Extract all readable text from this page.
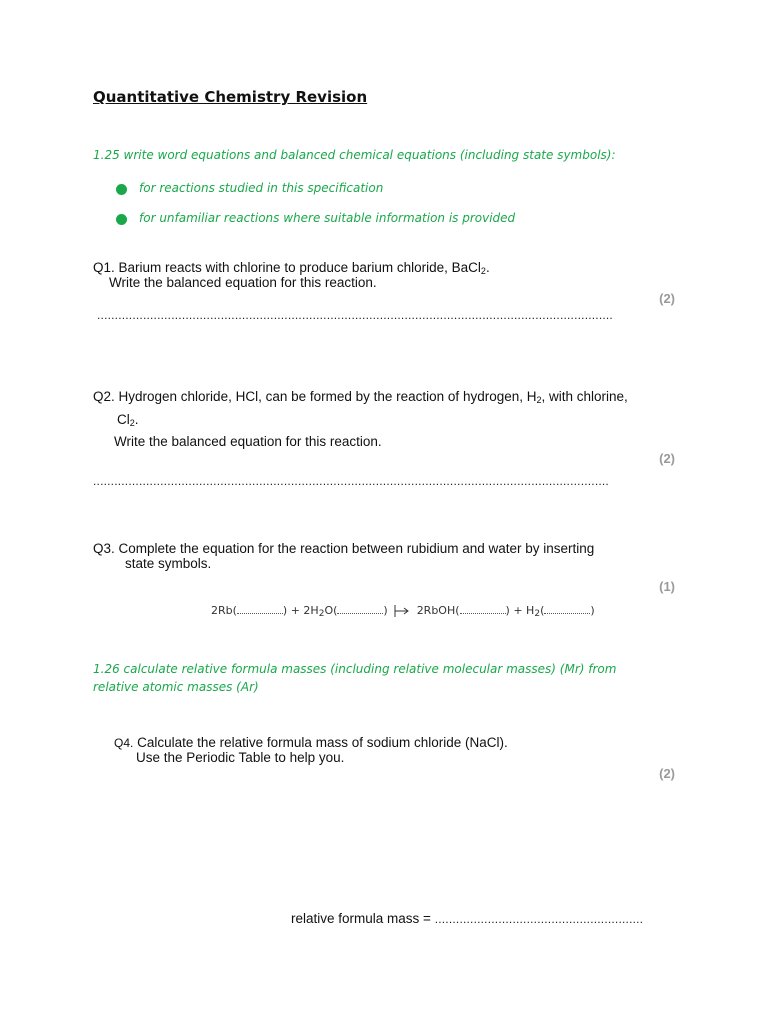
Quantitative Chemistry Revision
1.25 write word equations and balanced chemical equations (including state symbols):
for reactions studied in this specification
for unfamiliar reactions where suitable information is provided
Q1. Barium reacts with chlorine to produce barium chloride, BaCl$_2$.
Write the balanced equation for this reaction.
(2)
..................................................................................................................................................
Q2. Hydrogen chloride, HCl, can be formed by the reaction of hydrogen, $H_2$, with chlorine,
$Cl_2$.
Write the balanced equation for this reaction.
(2)
..................................................................................................................................................
Q3. Complete the equation for the reaction between rubidium and water by inserting
state symbols.
(1)
2Rb(	) + $2H_2O$(	) → 2RbOH(	) + $H_2$(	)
1.26 calculate relative formula masses (including relative molecular masses) (Mr) from relative atomic masses (Ar)
Q4. Calculate the relative formula mass of sodium chloride (NaCl).
Use the Periodic Table to help you.
(2)
relative formula mass = ...........................................................
